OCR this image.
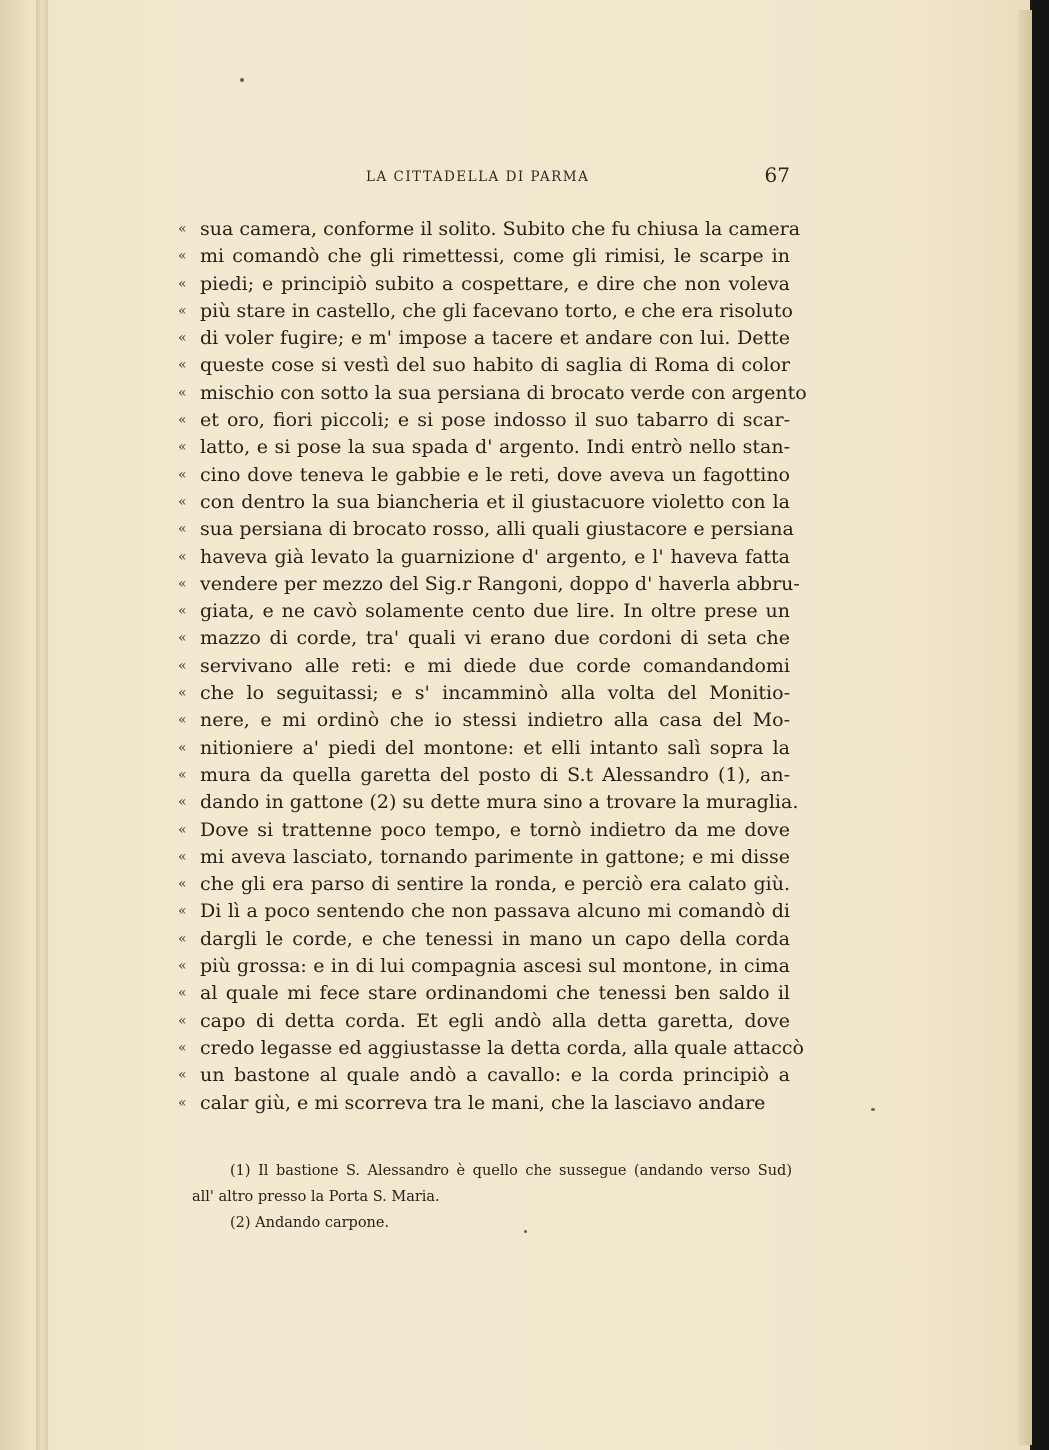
LA CITTADELLA DI PARMA	67
« sua camera, conforme il solito. Subito che fu chiusa la camera
« mi comandò che gli rimettessi, come gli rimisi, le scarpe in
« piedi; e principiò subito a cospettare, e dire che non voleva
« più stare in castello, che gli facevano torto, e che era risoluto
« di voler fugire; e m' impose a tacere et andare con lui. Dette
« queste cose si vestì del suo habito di saglia di Roma di color
« mischio con sotto la sua persiana di brocato verde con argento
« et oro, fiori piccoli; e si pose indosso il suo tabarro di scar-
« latto, e si pose la sua spada d' argento. Indi entrò nello stan-
« cino dove teneva le gabbie e le reti, dove aveva un fagottino
« con dentro la sua biancheria et il giustacuore violetto con la
« sua persiana di brocato rosso, alli quali giustacore e persiana
« haveva già levato la guarnizione d' argento, e l' haveva fatta
« vendere per mezzo del Sig.r Rangoni, doppo d' haverla abbru-
« giata, e ne cavò solamente cento due lire. In oltre prese un
« mazzo di corde, tra' quali vi erano due cordoni di seta che
« servivano alle reti: e mi diede due corde comandandomi
« che lo seguitassi; e s' incamminò alla volta del Monitio-
« nere, e mi ordinò che io stessi indietro alla casa del Mo-
« nitioniere a' piedi del montone: et elli intanto salì sopra la
« mura da quella garetta del posto di S.t Alessandro (1), an-
« dando in gattone (2) su dette mura sino a trovare la muraglia.
« Dove si trattenne poco tempo, e tornò indietro da me dove
« mi aveva lasciato, tornando parimente in gattone; e mi disse
« che gli era parso di sentire la ronda, e perciò era calato giù.
« Di lì a poco sentendo che non passava alcuno mi comandò di
« dargli le corde, e che tenessi in mano un capo della corda
« più grossa: e in di lui compagnia ascesi sul montone, in cima
« al quale mi fece stare ordinandomi che tenessi ben saldo il
« capo di detta corda. Et egli andò alla detta garetta, dove
« credo legasse ed aggiustasse la detta corda, alla quale attaccò
« un bastone al quale andò a cavallo: e la corda principiò a
« calar giù, e mi scorreva tra le mani, che la lasciavo andare
(1) Il bastione S. Alessandro è quello che sussegue (andando verso Sud)
all' altro presso la Porta S. Maria.
(2) Andando carpone.
